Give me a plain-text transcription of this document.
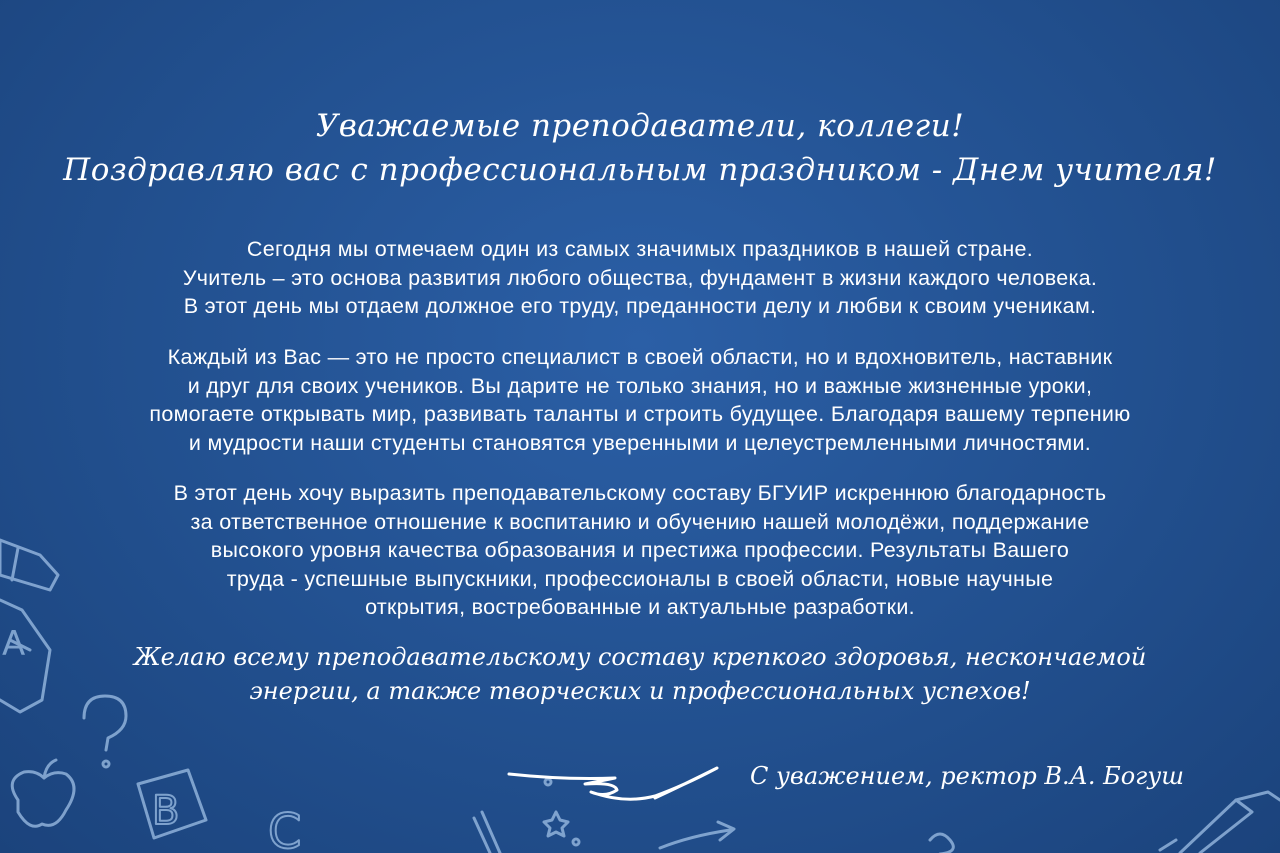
A
B C
Уважаемые преподаватели, коллеги!
Поздравляю вас с профессиональным праздником - Днем учителя!
Сегодня мы отмечаем один из самых значимых праздников в нашей стране.
Учитель – это основа развития любого общества, фундамент в жизни каждого человека.
В этот день мы отдаем должное его труду, преданности делу и любви к своим ученикам.
Каждый из Вас — это не просто специалист в своей области, но и вдохновитель, наставник
и друг для своих учеников. Вы дарите не только знания, но и важные жизненные уроки,
помогаете открывать мир, развивать таланты и строить будущее. Благодаря вашему терпению
и мудрости наши студенты становятся уверенными и целеустремленными личностями.
В этот день хочу выразить преподавательскому составу БГУИР искреннюю благодарность
за ответственное отношение к воспитанию и обучению нашей молодёжи, поддержание
высокого уровня качества образования и престижа профессии. Результаты Вашего
труда - успешные выпускники, профессионалы в своей области, новые научные
открытия, востребованные и актуальные разработки.
Желаю всему преподавательскому составу крепкого здоровья, нескончаемой
энергии, а также творческих и профессиональных успехов!
С уважением, ректор В.А. Богуш
